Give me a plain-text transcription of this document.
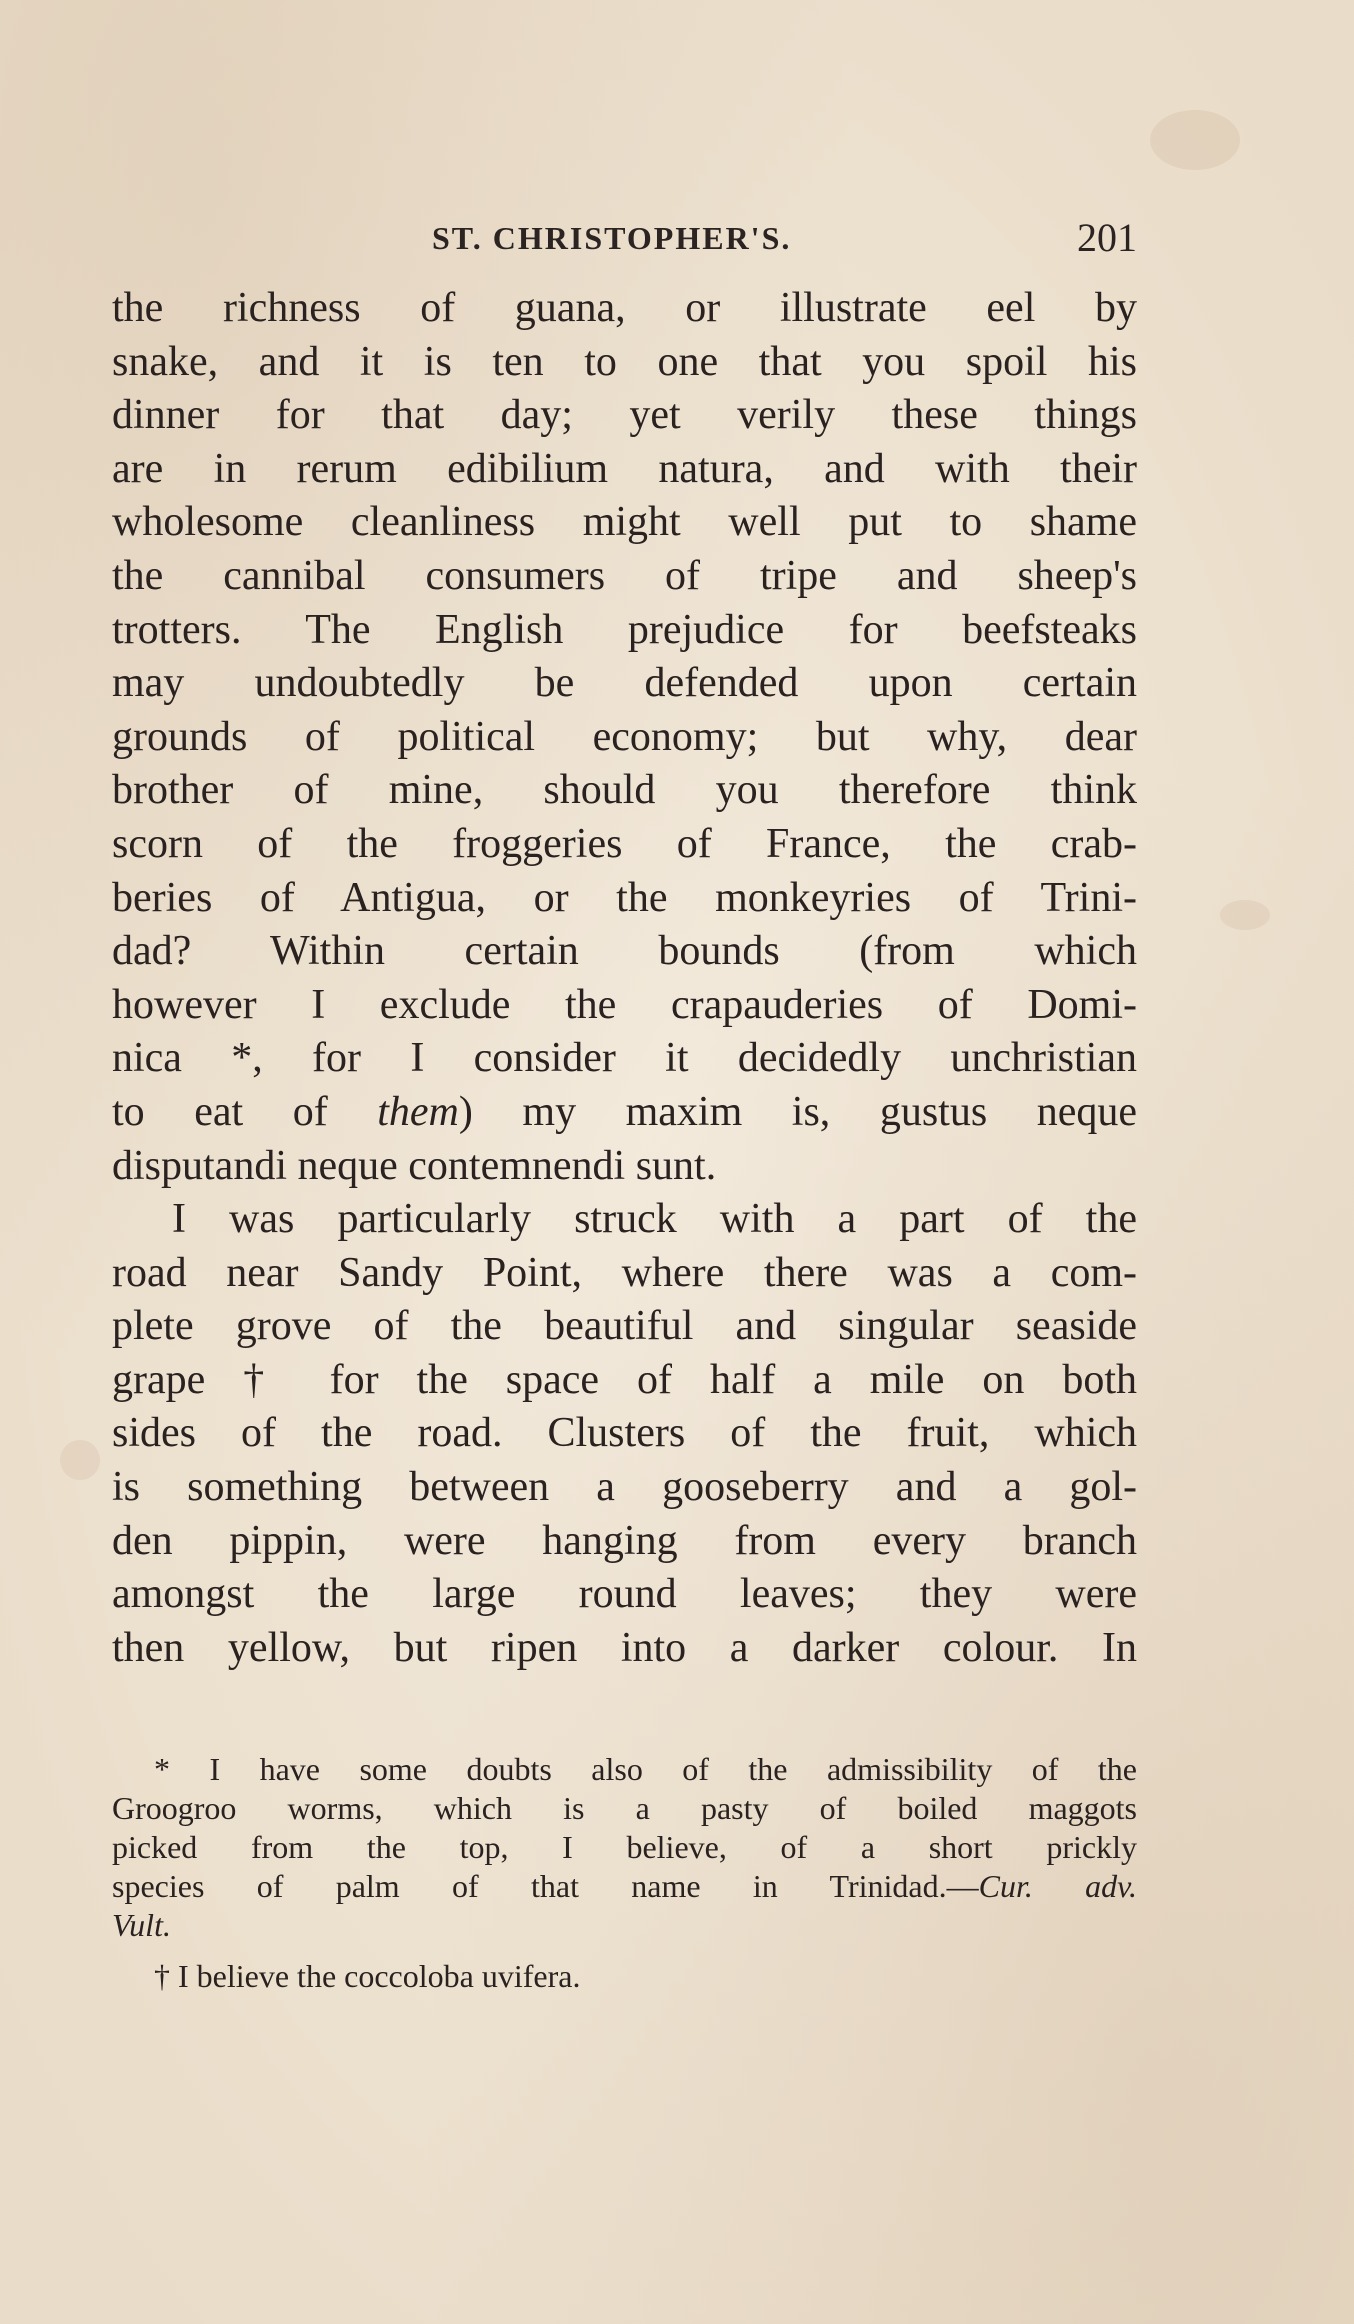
ST. CHRISTOPHER'S.	201
the richness of guana, or illustrate eel by
snake, and it is ten to one that you spoil his
dinner for that day; yet verily these things
are in rerum edibilium natura, and with their
wholesome cleanliness might well put to shame
the cannibal consumers of tripe and sheep's
trotters. The English prejudice for beefsteaks
may undoubtedly be defended upon certain
grounds of political economy; but why, dear
brother of mine, should you therefore think
scorn of the froggeries of France, the crab-
beries of Antigua, or the monkeyries of Trini-
dad? Within certain bounds (from which
however I exclude the crapauderies of Domi-
nica *, for I consider it decidedly unchristian
to eat of them) my maxim is, gustus neque
disputandi neque contemnendi sunt.
I was particularly struck with a part of the
road near Sandy Point, where there was a com-
plete grove of the beautiful and singular seaside
grape † for the space of half a mile on both
sides of the road. Clusters of the fruit, which
is something between a gooseberry and a gol-
den pippin, were hanging from every branch
amongst the large round leaves; they were
then yellow, but ripen into a darker colour. In
* I have some doubts also of the admissibility of the
Groogroo worms, which is a pasty of boiled maggots
picked from the top, I believe, of a short prickly
species of palm of that name in Trinidad.—Cur. adv.
Vult.
† I believe the coccoloba uvifera.
